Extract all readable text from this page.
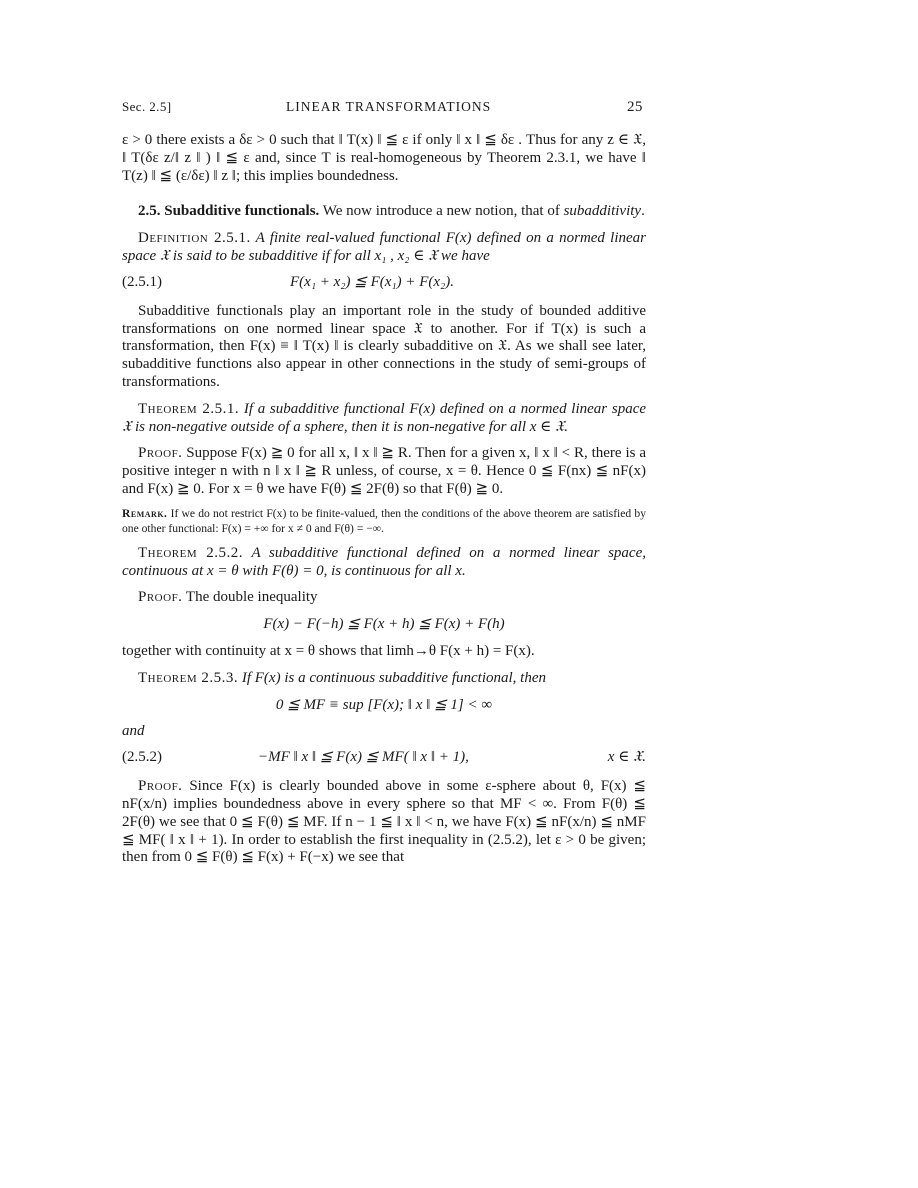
Sec. 2.5]	LINEAR TRANSFORMATIONS	25

ε > 0 there exists a δε > 0 such that ‖ T(x) ‖ ≦ ε if only ‖ x ‖ ≦ δε . Thus for any z ∈ 𝔛, ‖ T(δε z/‖ z ‖ ) ‖ ≦ ε and, since T is real-homogeneous by Theorem 2.3.1, we have ‖ T(z) ‖ ≦ (ε/δε) ‖ z ‖; this implies boundedness.

2.5. Subadditive functionals. We now introduce a new notion, that of subadditivity.

Definition 2.5.1. A finite real-valued functional F(x) defined on a normed linear space 𝔛 is said to be subadditive if for all x₁ , x₂ ∈ 𝔛 we have

(2.5.1)	F(x₁ + x₂) ≦ F(x₁) + F(x₂).

Subadditive functionals play an important role in the study of bounded additive transformations on one normed linear space 𝔛 to another. For if T(x) is such a transformation, then F(x) ≡ ‖ T(x) ‖ is clearly subadditive on 𝔛. As we shall see later, subadditive functions also appear in other connections in the study of semi-groups of transformations.

Theorem 2.5.1. If a subadditive functional F(x) defined on a normed linear space 𝔛 is non-negative outside of a sphere, then it is non-negative for all x ∈ 𝔛.

Proof. Suppose F(x) ≧ 0 for all x, ‖ x ‖ ≧ R. Then for a given x, ‖ x ‖ < R, there is a positive integer n with n ‖ x ‖ ≧ R unless, of course, x = θ. Hence 0 ≦ F(nx) ≦ nF(x) and F(x) ≧ 0. For x = θ we have F(θ) ≦ 2F(θ) so that F(θ) ≧ 0.

Remark. If we do not restrict F(x) to be finite-valued, then the conditions of the above theorem are satisfied by one other functional: F(x) = +∞ for x ≠ 0 and F(θ) = −∞.

Theorem 2.5.2. A subadditive functional defined on a normed linear space, continuous at x = θ with F(θ) = 0, is continuous for all x.

Proof. The double inequality

F(x) − F(−h) ≦ F(x + h) ≦ F(x) + F(h)

together with continuity at x = θ shows that limh→θ F(x + h) = F(x).

Theorem 2.5.3. If F(x) is a continuous subadditive functional, then

0 ≦ MF ≡ sup [F(x); ‖ x ‖ ≦ 1] < ∞

and

(2.5.2)	−MF ‖ x ‖ ≦ F(x) ≦ MF( ‖ x ‖ + 1),	x ∈ 𝔛.

Proof. Since F(x) is clearly bounded above in some ε-sphere about θ, F(x) ≦ nF(x/n) implies boundedness above in every sphere so that MF < ∞. From F(θ) ≦ 2F(θ) we see that 0 ≦ F(θ) ≦ MF. If n − 1 ≦ ‖ x ‖ < n, we have F(x) ≦ nF(x/n) ≦ nMF ≦ MF( ‖ x ‖ + 1). In order to establish the first inequality in (2.5.2), let ε > 0 be given; then from 0 ≦ F(θ) ≦ F(x) + F(−x) we see that
